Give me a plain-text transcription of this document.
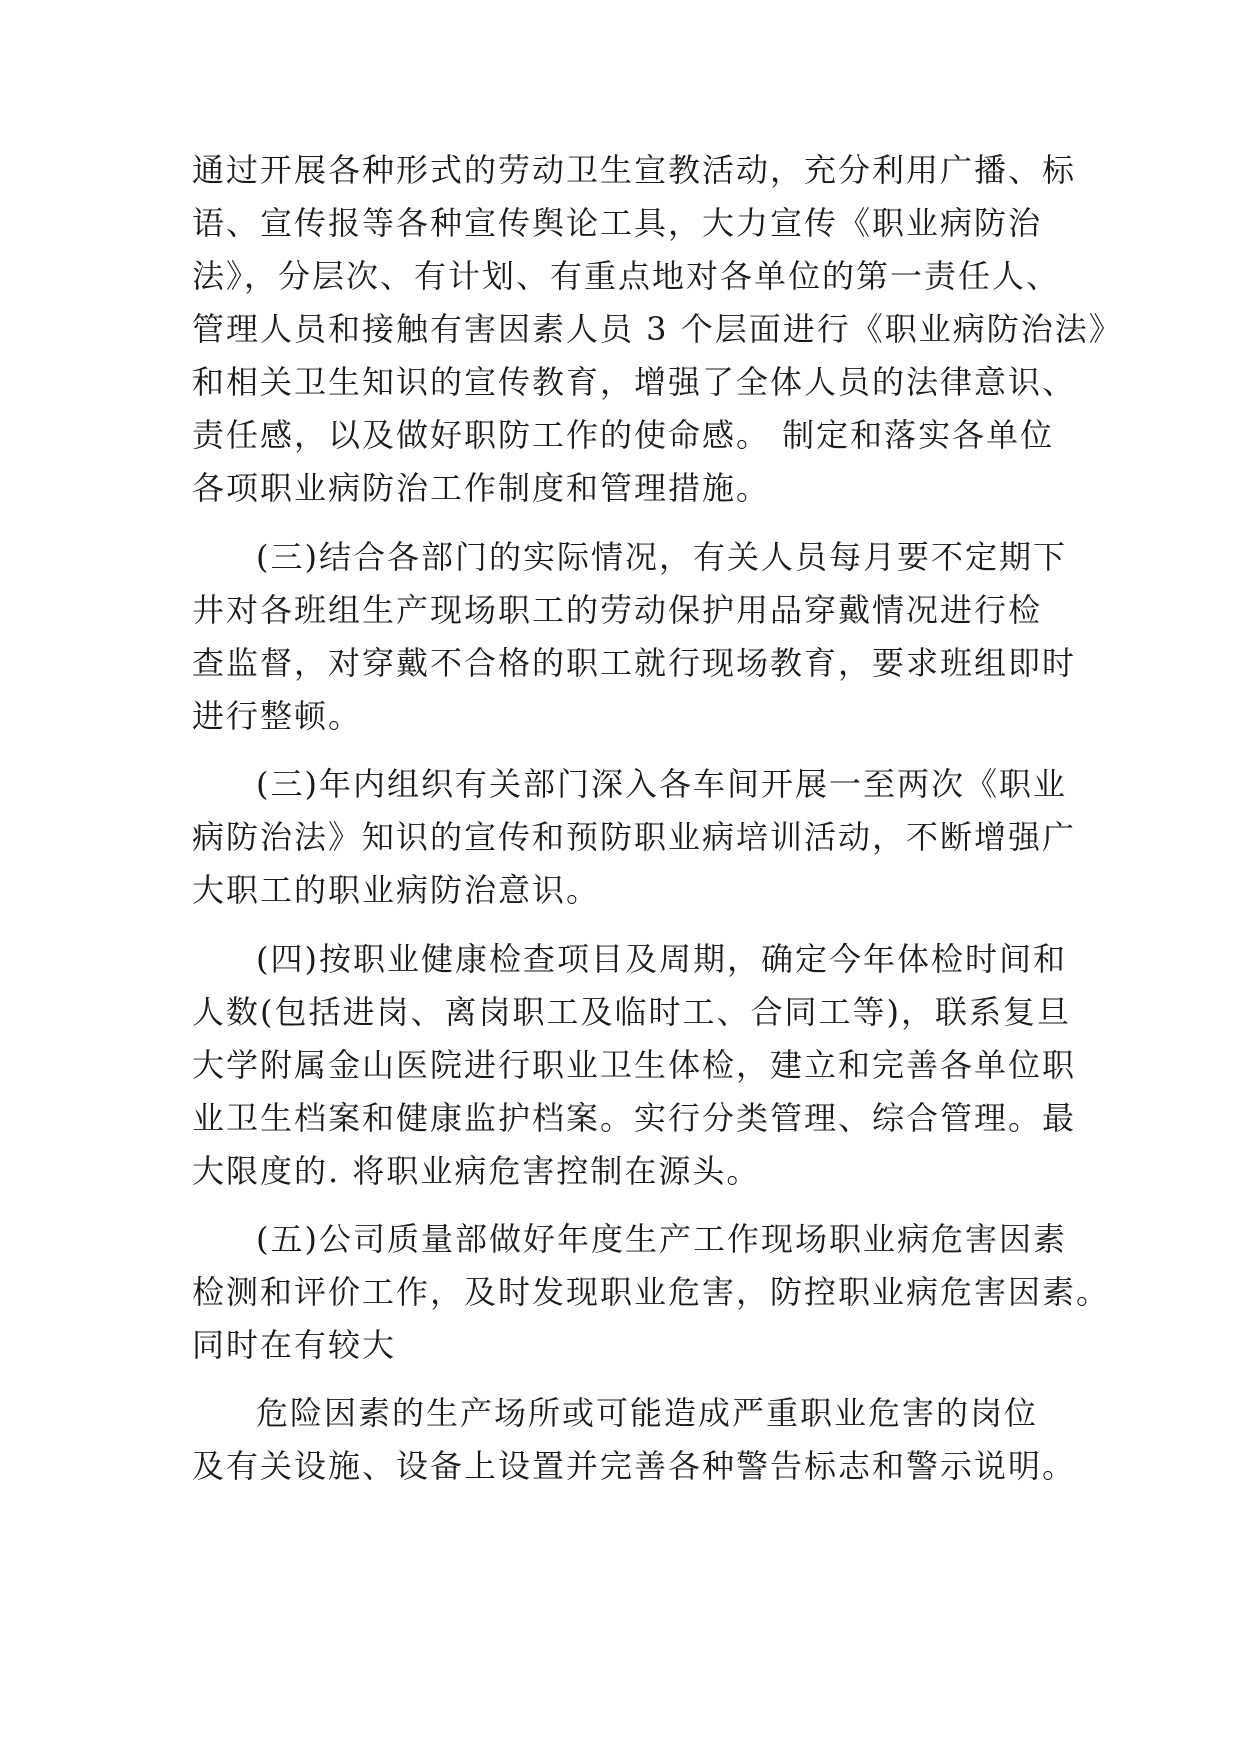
通过开展各种形式的劳动卫生宣教活动，充分利用广播、标
语、宣传报等各种宣传舆论工具，大力宣传《职业病防治
法》，分层次、有计划、有重点地对各单位的第一责任人、
管理人员和接触有害因素人员 3 个层面进行《职业病防治法》
和相关卫生知识的宣传教育，增强了全体人员的法律意识、
责任感，以及做好职防工作的使命感。 制定和落实各单位
各项职业病防治工作制度和管理措施。
(三)结合各部门的实际情况，有关人员每月要不定期下
井对各班组生产现场职工的劳动保护用品穿戴情况进行检
查监督，对穿戴不合格的职工就行现场教育，要求班组即时
进行整顿。
(三)年内组织有关部门深入各车间开展一至两次《职业
病防治法》知识的宣传和预防职业病培训活动，不断增强广
大职工的职业病防治意识。
(四)按职业健康检查项目及周期，确定今年体检时间和
人数(包括进岗、离岗职工及临时工、合同工等)，联系复旦
大学附属金山医院进行职业卫生体检，建立和完善各单位职
业卫生档案和健康监护档案。实行分类管理、综合管理。最
大限度的. 将职业病危害控制在源头。
(五)公司质量部做好年度生产工作现场职业病危害因素
检测和评价工作，及时发现职业危害，防控职业病危害因素。
同时在有较大
危险因素的生产场所或可能造成严重职业危害的岗位
及有关设施、设备上设置并完善各种警告标志和警示说明。
